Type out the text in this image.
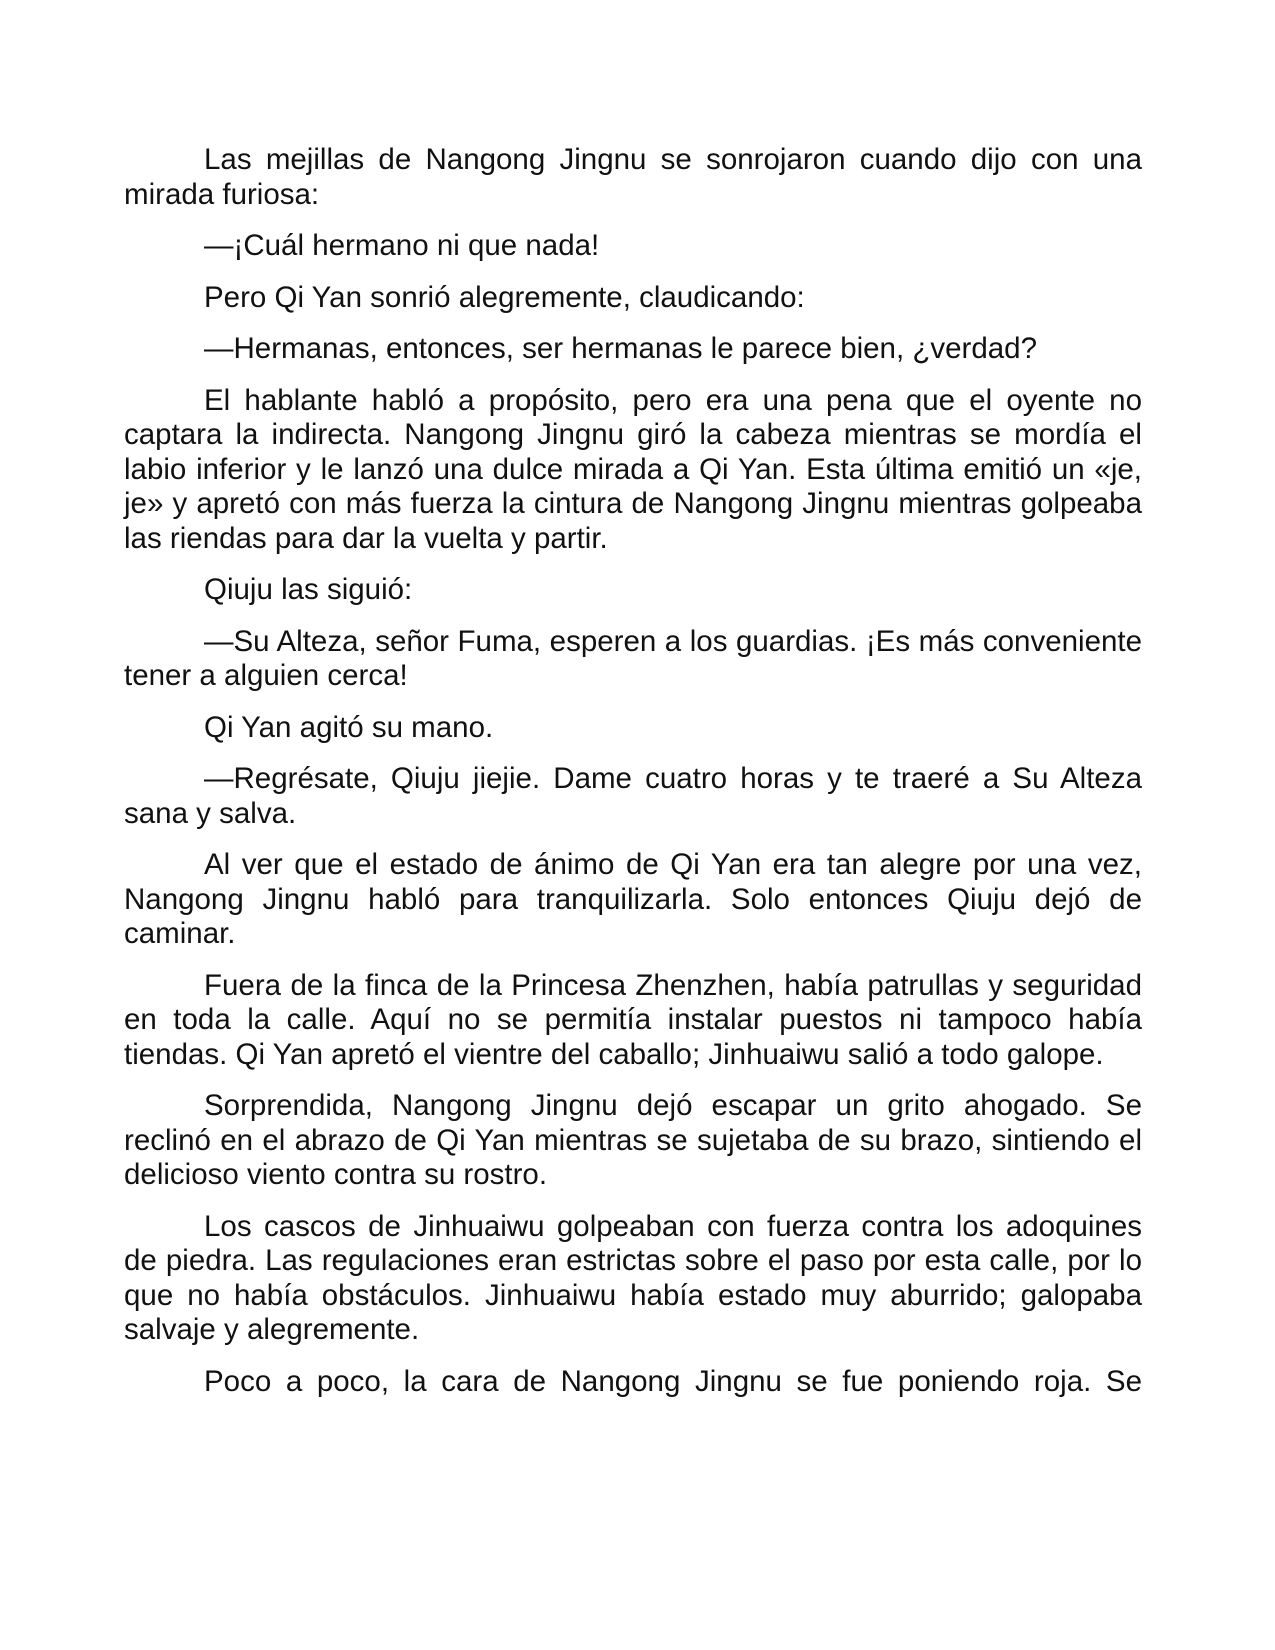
Las mejillas de Nangong Jingnu se sonrojaron cuando dijo con una mirada furiosa:

—¡Cuál hermano ni que nada!

Pero Qi Yan sonrió alegremente, claudicando:

—Hermanas, entonces, ser hermanas le parece bien, ¿verdad?

El hablante habló a propósito, pero era una pena que el oyente no captara la indirecta. Nangong Jingnu giró la cabeza mientras se mordía el labio inferior y le lanzó una dulce mirada a Qi Yan. Esta última emitió un «je, je» y apretó con más fuerza la cintura de Nangong Jingnu mientras golpeaba las riendas para dar la vuelta y partir.

Qiuju las siguió:

—Su Alteza, señor Fuma, esperen a los guardias. ¡Es más conveniente tener a alguien cerca!

Qi Yan agitó su mano.

—Regrésate, Qiuju jiejie. Dame cuatro horas y te traeré a Su Alteza sana y salva.

Al ver que el estado de ánimo de Qi Yan era tan alegre por una vez, Nangong Jingnu habló para tranquilizarla. Solo entonces Qiuju dejó de caminar.

Fuera de la finca de la Princesa Zhenzhen, había patrullas y seguridad en toda la calle. Aquí no se permitía instalar puestos ni tampoco había tiendas. Qi Yan apretó el vientre del caballo; Jinhuaiwu salió a todo galope.

Sorprendida, Nangong Jingnu dejó escapar un grito ahogado. Se reclinó en el abrazo de Qi Yan mientras se sujetaba de su brazo, sintiendo el delicioso viento contra su rostro.

Los cascos de Jinhuaiwu golpeaban con fuerza contra los adoquines de piedra. Las regulaciones eran estrictas sobre el paso por esta calle, por lo que no había obstáculos. Jinhuaiwu había estado muy aburrido; galopaba salvaje y alegremente.

Poco a poco, la cara de Nangong Jingnu se fue poniendo roja. Se
